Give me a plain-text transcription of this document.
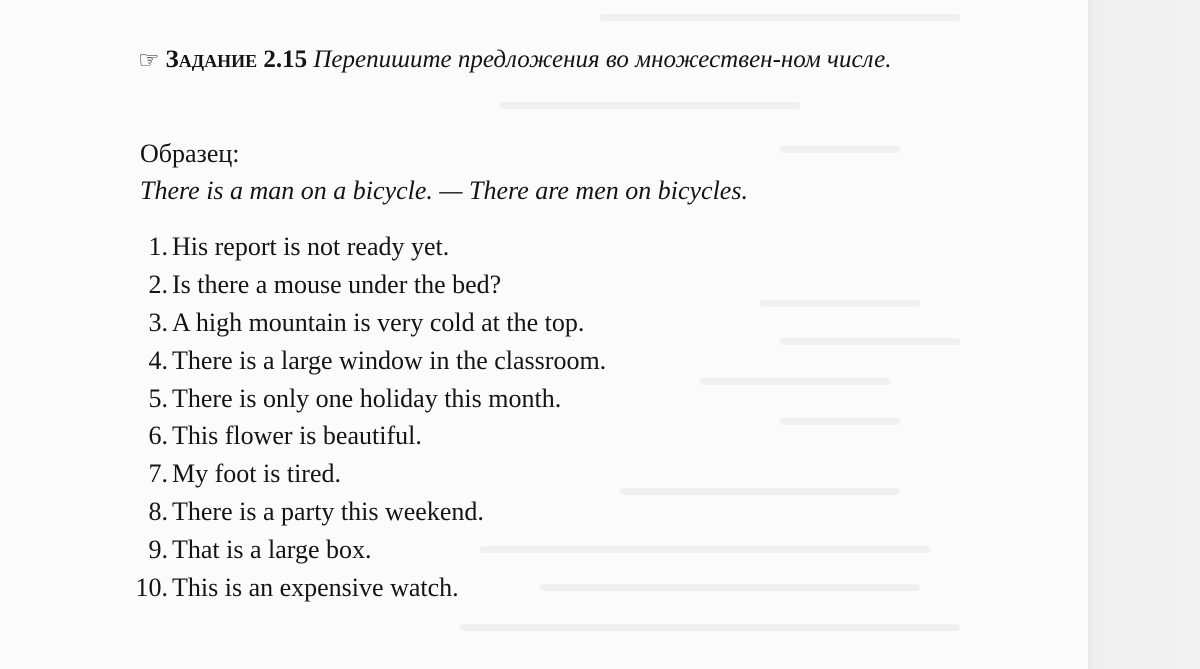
☞ Задание 2.15 Перепишите предложения во множествен-ном числе.
Образец:
There is a man on a bicycle. — There are men on bicycles.
1. His report is not ready yet.
2. Is there a mouse under the bed?
3. A high mountain is very cold at the top.
4. There is a large window in the classroom.
5. There is only one holiday this month.
6. This flower is beautiful.
7. My foot is tired.
8. There is a party this weekend.
9. That is a large box.
10. This is an expensive watch.
